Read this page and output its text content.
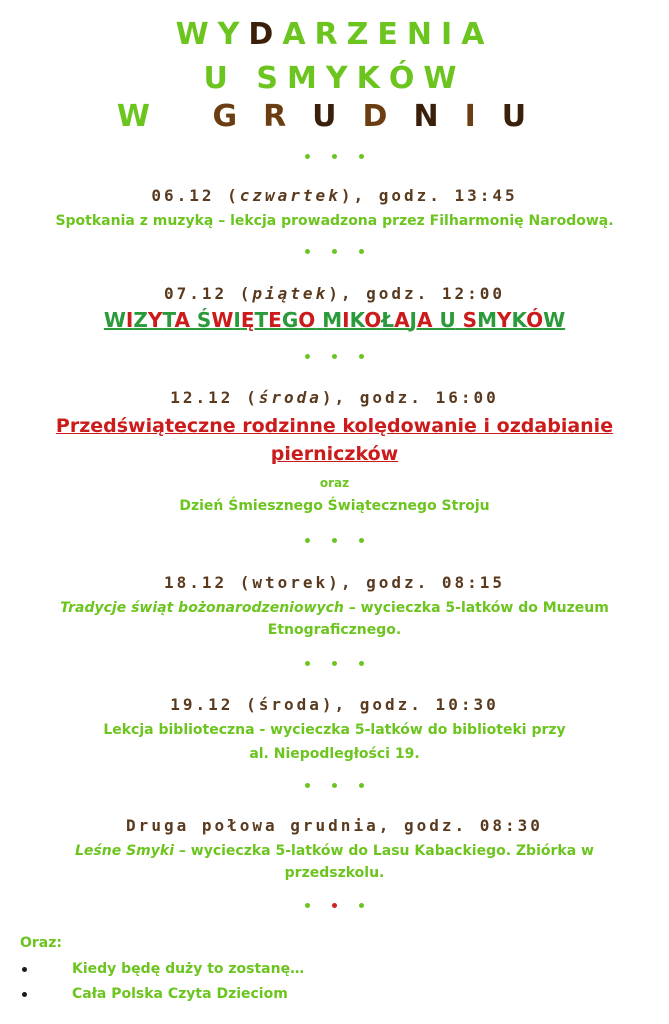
WYDARZENIA
U SMYKÓW
W GRUDNIU
06.12 (czwartek), godz. 13:45
Spotkania z muzyką – lekcja prowadzona przez Filharmonię Narodową.
07.12 (piątek), godz. 12:00
WIZYTA ŚWIĘTEGO MIKOŁAJA U SMYKÓW
12.12 (środa), godz. 16:00
Przedświąteczne rodzinne kolędowanie i ozdabianie pierniczków
oraz
Dzień Śmiesznego Świątecznego Stroju
18.12 (wtorek), godz. 08:15
Tradycje świąt bożonarodzeniowych – wycieczka 5-latków do Muzeum Etnograficznego.
19.12 (środa), godz. 10:30
Lekcja biblioteczna - wycieczka 5-latków do biblioteki przy
al. Niepodległości 19.
Druga połowa grudnia, godz. 08:30
Leśne Smyki – wycieczka 5-latków do Lasu Kabackiego. Zbiórka w przedszkolu.
Oraz:
Kiedy będę duży to zostanę…
Cała Polska Czyta Dzieciom
